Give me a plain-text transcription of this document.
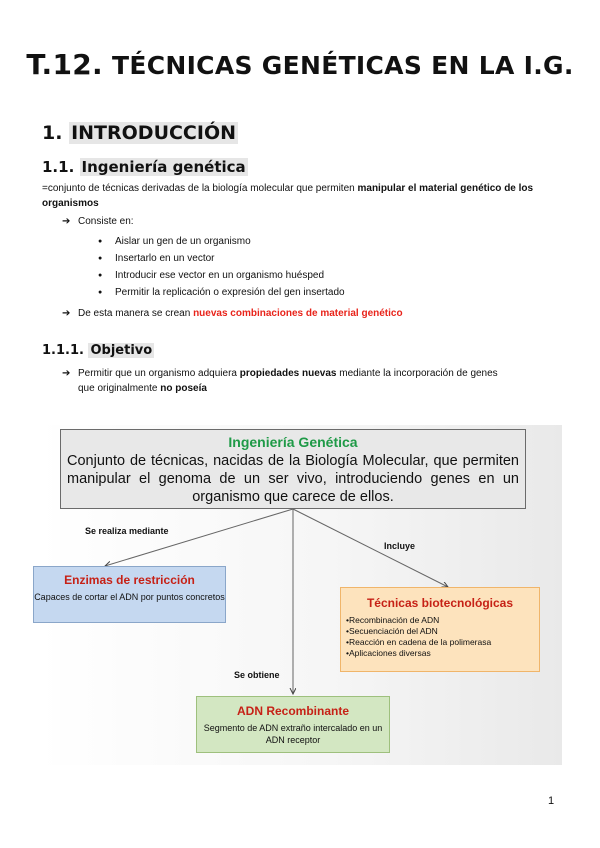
T.12. TÉCNICAS GENÉTICAS EN LA I.G.
1. INTRODUCCIÓN
1.1. Ingeniería genética
=conjunto de técnicas derivadas de la biología molecular que permiten manipular el material genético de los organismos
➔ Consiste en:
● Aislar un gen de un organismo
● Insertarlo en un vector
● Introducir ese vector en un organismo huésped
● Permitir la replicación o expresión del gen insertado
➔ De esta manera se crean nuevas combinaciones de material genético
1.1.1. Objetivo
➔ Permitir que un organismo adquiera propiedades nuevas mediante la incorporación de genes
que originalmente no poseía
Ingeniería Genética
Conjunto de técnicas, nacidas de la Biología Molecular, que permiten manipular el genoma de un ser vivo, introduciendo genes en un organismo que carece de ellos.
Se realiza mediante
Incluye
Se obtiene
Enzimas de restricción
Capaces de cortar el ADN por puntos concretos	Técnicas biotecnológicas
•Recombinación de ADN
•Secuenciación del ADN
•Reacción en cadena de la polimerasa
•Aplicaciones diversas
ADN Recombinante
Segmento de ADN extraño intercalado en un ADN receptor
1
